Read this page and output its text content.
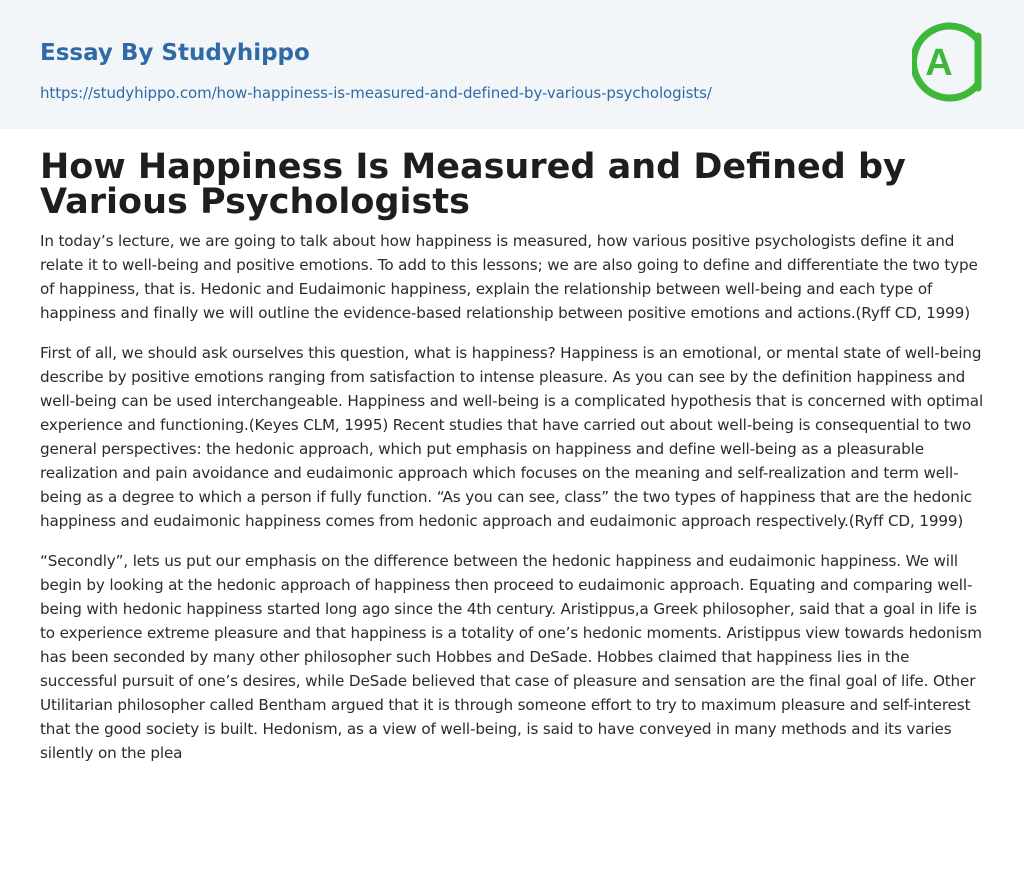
Essay By Studyhippo
https://studyhippo.com/how-happiness-is-measured-and-defined-by-various-psychologists/
A
How Happiness Is Measured and Defined by Various Psychologists

In today’s lecture, we are going to talk about how happiness is measured, how various positive psychologists define it and relate it to well-being and positive emotions. To add to this lessons; we are also going to define and differentiate the two type of happiness, that is. Hedonic and Eudaimonic happiness, explain the relationship between well-being and each type of happiness and finally we will outline the evidence-based relationship between positive emotions and actions.(Ryff CD, 1999)

First of all, we should ask ourselves this question, what is happiness? Happiness is an emotional, or mental state of well-being describe by positive emotions ranging from satisfaction to intense pleasure. As you can see by the definition happiness and well-being can be used interchangeable. Happiness and well-being is a complicated hypothesis that is concerned with optimal experience and functioning.(Keyes CLM, 1995) Recent studies that have carried out about well-being is consequential to two general perspectives: the hedonic approach, which put emphasis on happiness and define well-being as a pleasurable realization and pain avoidance and eudaimonic approach which focuses on the meaning and self-realization and term well-being as a degree to which a person if fully function. “As you can see, class” the two types of happiness that are the hedonic happiness and eudaimonic happiness comes from hedonic approach and eudaimonic approach respectively.(Ryff CD, 1999)

“Secondly”, lets us put our emphasis on the difference between the hedonic happiness and eudaimonic happiness. We will begin by looking at the hedonic approach of happiness then proceed to eudaimonic approach. Equating and comparing well-being with hedonic happiness started long ago since the 4th century. Aristippus,a Greek philosopher, said that a goal in life is to experience extreme pleasure and that happiness is a totality of one’s hedonic moments. Aristippus view towards hedonism has been seconded by many other philosopher such Hobbes and DeSade. Hobbes claimed that happiness lies in the successful pursuit of one’s desires, while DeSade believed that case of pleasure and sensation are the final goal of life. Other Utilitarian philosopher called Bentham argued that it is through someone effort to try to maximum pleasure and self-interest that the good society is built. Hedonism, as a view of well-being, is said to have conveyed in many methods and its varies silently on the plea
